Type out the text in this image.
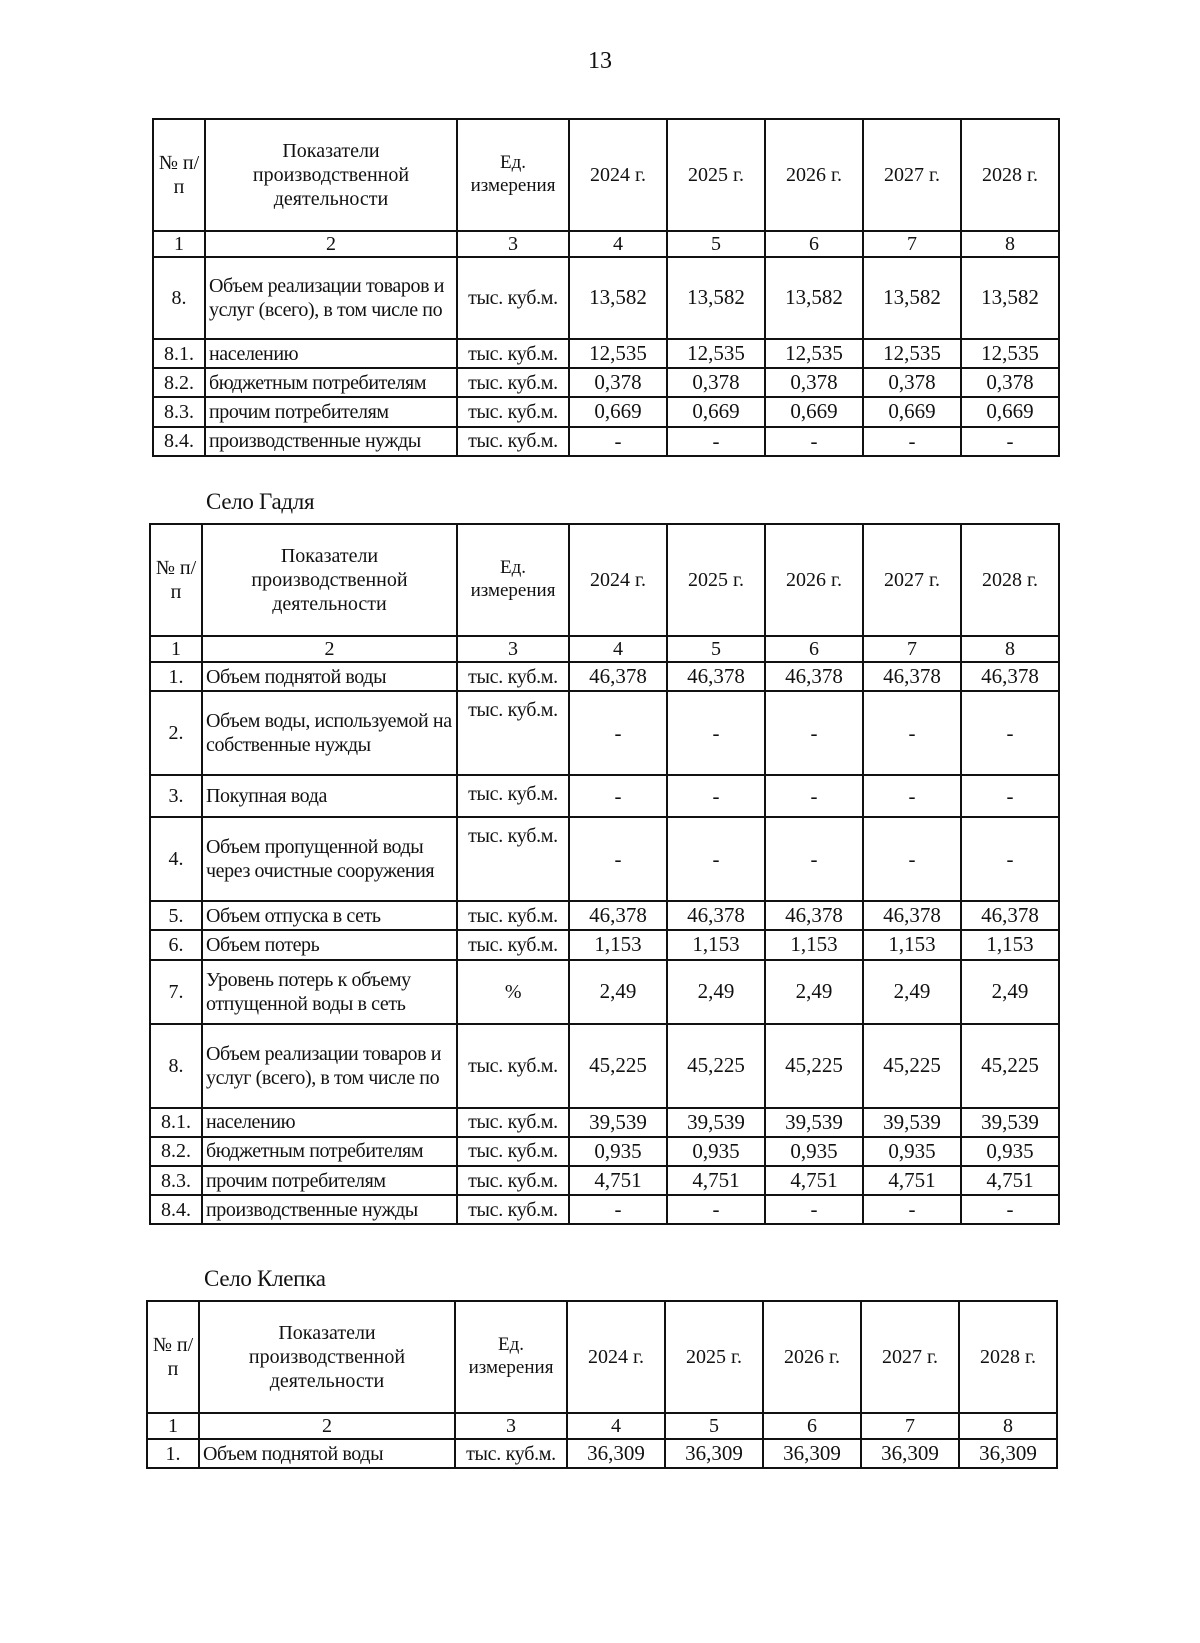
13
№ п/п	Показатели производственной деятельности	Ед. измерения	2024 г.	2025 г.	2026 г.	2027 г.	2028 г.
1	2	3	4	5	6	7	8
8.	Объем реализации товаров и услуг (всего), в том числе по	тыс. куб.м.	13,582	13,582	13,582	13,582	13,582
8.1.	населению	тыс. куб.м.	12,535	12,535	12,535	12,535	12,535
8.2.	бюджетным потребителям	тыс. куб.м.	0,378	0,378	0,378	0,378	0,378
8.3.	прочим потребителям	тыс. куб.м.	0,669	0,669	0,669	0,669	0,669
8.4.	производственные нужды	тыс. куб.м.	-	-	-	-	-
Село Гадля
№ п/п	Показатели производственной деятельности	Ед. измерения	2024 г.	2025 г.	2026 г.	2027 г.	2028 г.
1	2	3	4	5	6	7	8
1.	Объем поднятой воды	тыс. куб.м.	46,378	46,378	46,378	46,378	46,378
2.	Объем воды, используемой на собственные нужды	тыс. куб.м.	-	-	-	-	-
3.	Покупная вода	тыс. куб.м.	-	-	-	-	-
4.	Объем пропущенной воды через очистные сооружения	тыс. куб.м.	-	-	-	-	-
5.	Объем отпуска в сеть	тыс. куб.м.	46,378	46,378	46,378	46,378	46,378
6.	Объем потерь	тыс. куб.м.	1,153	1,153	1,153	1,153	1,153
7.	Уровень потерь к объему отпущенной воды в сеть	%	2,49	2,49	2,49	2,49	2,49
8.	Объем реализации товаров и услуг (всего), в том числе по	тыс. куб.м.	45,225	45,225	45,225	45,225	45,225
8.1.	населению	тыс. куб.м.	39,539	39,539	39,539	39,539	39,539
8.2.	бюджетным потребителям	тыс. куб.м.	0,935	0,935	0,935	0,935	0,935
8.3.	прочим потребителям	тыс. куб.м.	4,751	4,751	4,751	4,751	4,751
8.4.	производственные нужды	тыс. куб.м.	-	-	-	-	-
Село Клепка
№ п/п	Показатели производственной деятельности	Ед. измерения	2024 г.	2025 г.	2026 г.	2027 г.	2028 г.
1	2	3	4	5	6	7	8
1.	Объем поднятой воды	тыс. куб.м.	36,309	36,309	36,309	36,309	36,309
